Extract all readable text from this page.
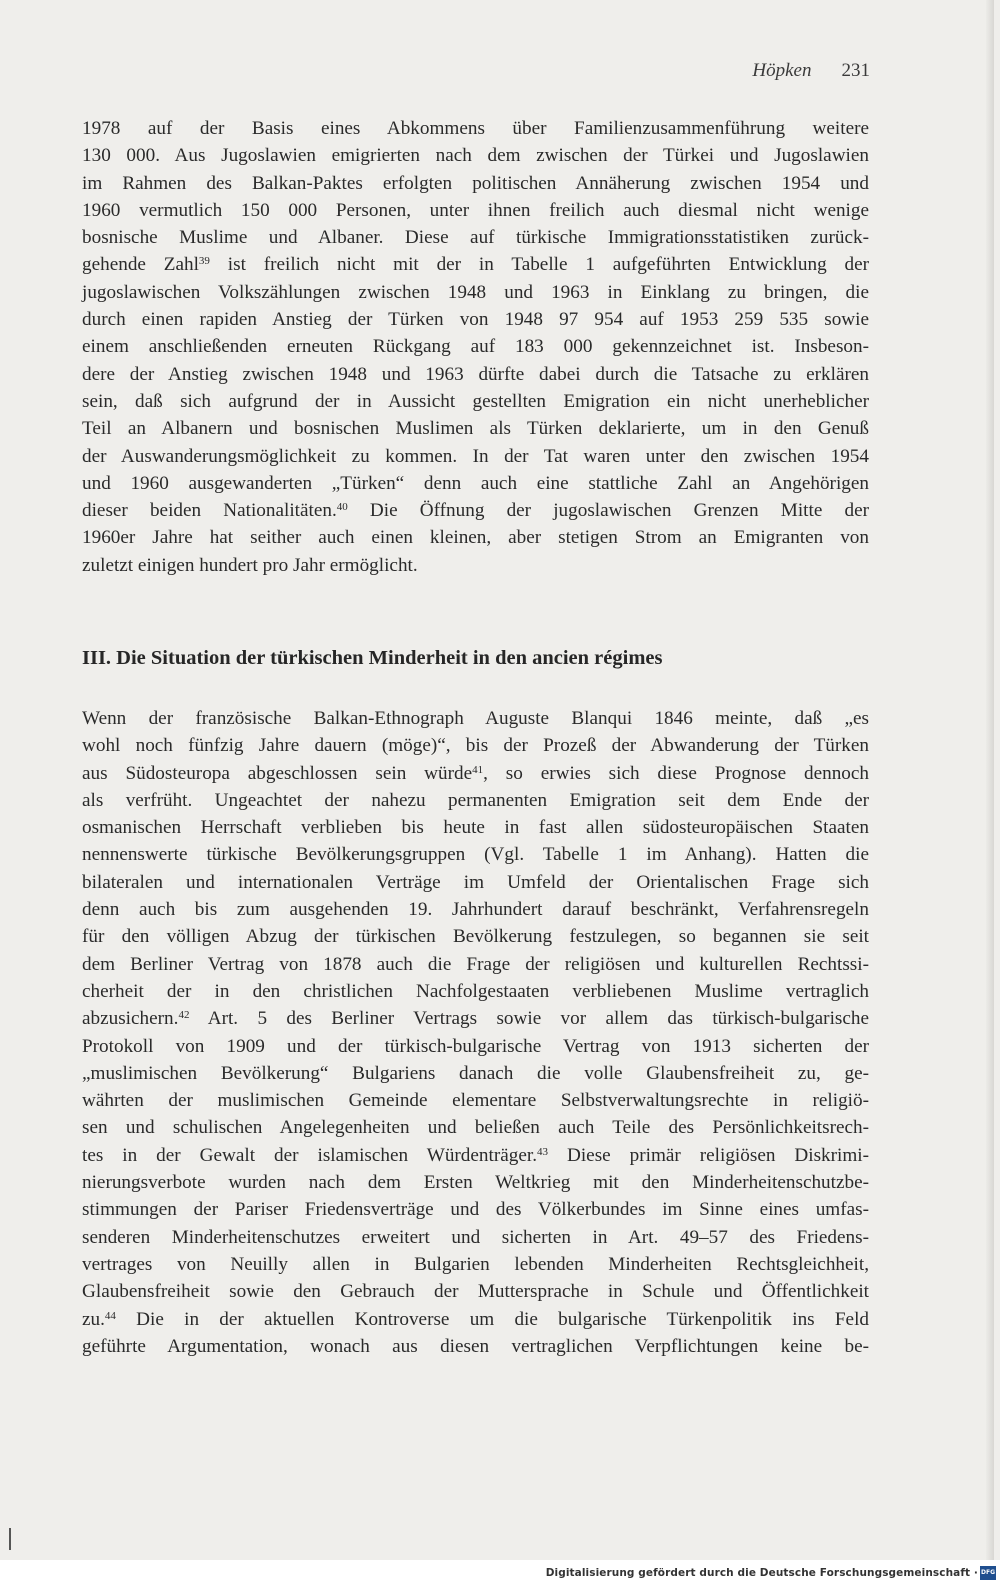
Höpken 231

1978 auf der Basis eines Abkommens über Familienzusammenführung weitere
130 000. Aus Jugoslawien emigrierten nach dem zwischen der Türkei und Jugoslawien
im Rahmen des Balkan-Paktes erfolgten politischen Annäherung zwischen 1954 und
1960 vermutlich 150 000 Personen, unter ihnen freilich auch diesmal nicht wenige
bosnische Muslime und Albaner. Diese auf türkische Immigrationsstatistiken zurück-
gehende Zahl$^{39}$ ist freilich nicht mit der in Tabelle 1 aufgeführten Entwicklung der
jugoslawischen Volkszählungen zwischen 1948 und 1963 in Einklang zu bringen, die
durch einen rapiden Anstieg der Türken von 1948 97 954 auf 1953 259 535 sowie
einem anschließenden erneuten Rückgang auf 183 000 gekennzeichnet ist. Insbeson-
dere der Anstieg zwischen 1948 und 1963 dürfte dabei durch die Tatsache zu erklären
sein, daß sich aufgrund der in Aussicht gestellten Emigration ein nicht unerheblicher
Teil an Albanern und bosnischen Muslimen als Türken deklarierte, um in den Genuß
der Auswanderungsmöglichkeit zu kommen. In der Tat waren unter den zwischen 1954
und 1960 ausgewanderten „Türken“ denn auch eine stattliche Zahl an Angehörigen
dieser beiden Nationalitäten.$^{40}$ Die Öffnung der jugoslawischen Grenzen Mitte der
1960er Jahre hat seither auch einen kleinen, aber stetigen Strom an Emigranten von
zuletzt einigen hundert pro Jahr ermöglicht.

III. Die Situation der türkischen Minderheit in den ancien régimes

Wenn der französische Balkan-Ethnograph Auguste Blanqui 1846 meinte, daß „es
wohl noch fünfzig Jahre dauern (möge)“, bis der Prozeß der Abwanderung der Türken
aus Südosteuropa abgeschlossen sein würde$^{41}$, so erwies sich diese Prognose dennoch
als verfrüht. Ungeachtet der nahezu permanenten Emigration seit dem Ende der
osmanischen Herrschaft verblieben bis heute in fast allen südosteuropäischen Staaten
nennenswerte türkische Bevölkerungsgruppen (Vgl. Tabelle 1 im Anhang). Hatten die
bilateralen und internationalen Verträge im Umfeld der Orientalischen Frage sich
denn auch bis zum ausgehenden 19. Jahrhundert darauf beschränkt, Verfahrensregeln
für den völligen Abzug der türkischen Bevölkerung festzulegen, so begannen sie seit
dem Berliner Vertrag von 1878 auch die Frage der religiösen und kulturellen Rechtssi-
cherheit der in den christlichen Nachfolgestaaten verbliebenen Muslime vertraglich
abzusichern.$^{42}$ Art. 5 des Berliner Vertrags sowie vor allem das türkisch-bulgarische
Protokoll von 1909 und der türkisch-bulgarische Vertrag von 1913 sicherten der
„muslimischen Bevölkerung“ Bulgariens danach die volle Glaubensfreiheit zu, ge-
währten der muslimischen Gemeinde elementare Selbstverwaltungsrechte in religiö-
sen und schulischen Angelegenheiten und beließen auch Teile des Persönlichkeitsrech-
tes in der Gewalt der islamischen Würdenträger.$^{43}$ Diese primär religiösen Diskrimi-
nierungsverbote wurden nach dem Ersten Weltkrieg mit den Minderheitenschutzbe-
stimmungen der Pariser Friedensverträge und des Völkerbundes im Sinne eines umfas-
senderen Minderheitenschutzes erweitert und sicherten in Art. 49–57 des Friedens-
vertrages von Neuilly allen in Bulgarien lebenden Minderheiten Rechtsgleichheit,
Glaubensfreiheit sowie den Gebrauch der Muttersprache in Schule und Öffentlichkeit
zu.$^{44}$ Die in der aktuellen Kontroverse um die bulgarische Türkenpolitik ins Feld
geführte Argumentation, wonach aus diesen vertraglichen Verpflichtungen keine be-

Digitalisierung gefördert durch die Deutsche Forschungsgemeinschaft · DFG
